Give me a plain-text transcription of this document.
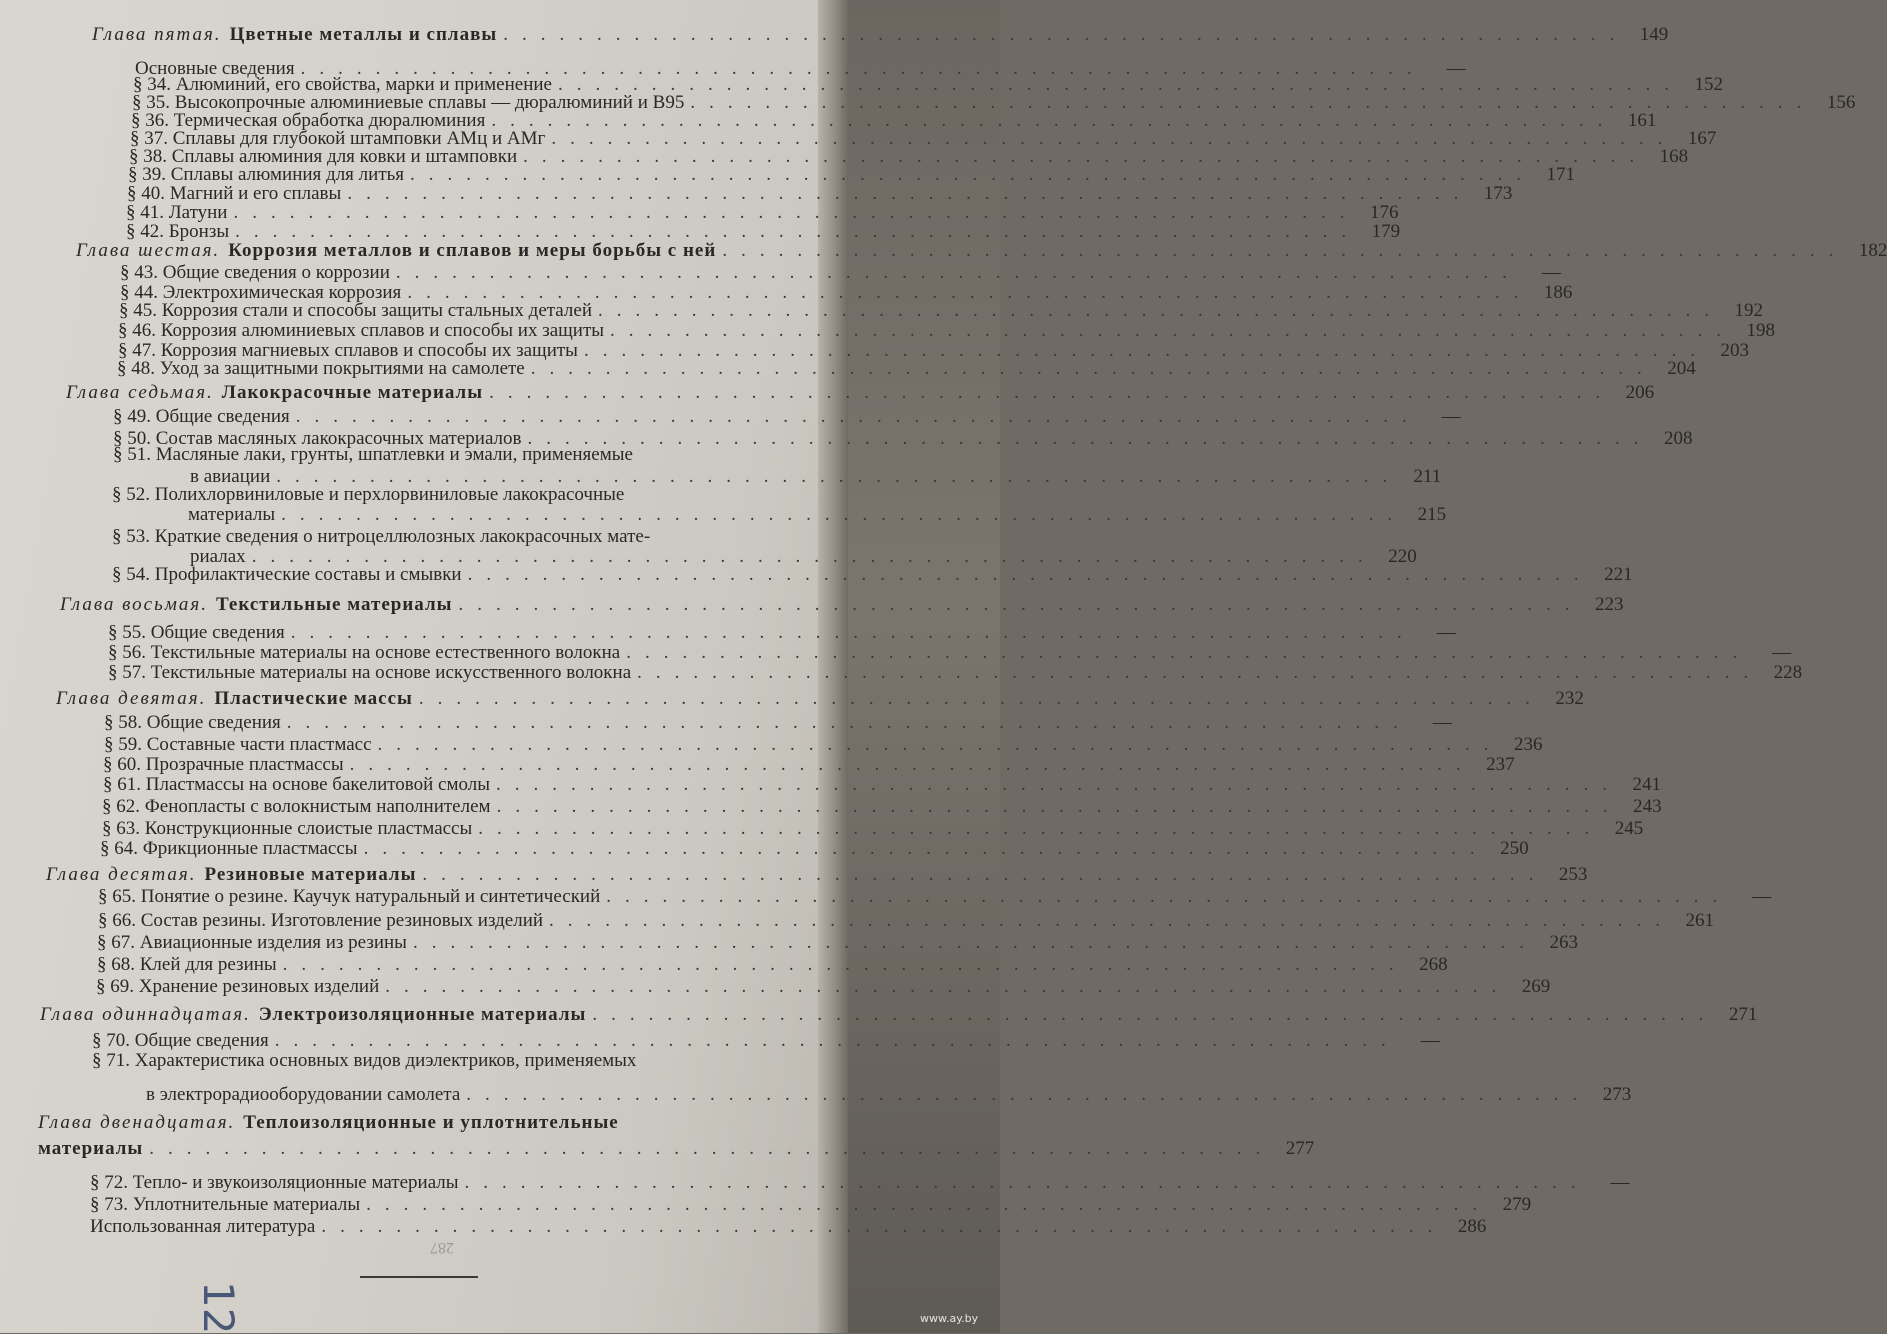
Глава пятая. Цветные металлы и сплавы ............................................................ 149
Основные сведения ............................................................	—
§ 34. Алюминий, его свойства, марки и применение ............................................................ 152
§ 35. Высокопрочные алюминиевые сплавы — дюралюминий и В95 ............................................................ 156
§ 36. Термическая обработка дюралюминия ............................................................ 161
§ 37. Сплавы для глубокой штамповки АМц и АМг ............................................................ 167
§ 38. Сплавы алюминия для ковки и штамповки ............................................................ 168
§ 39. Сплавы алюминия для литья ............................................................ 171
§ 40. Магний и его сплавы ............................................................ 173
§ 41. Латуни ............................................................ 176
§ 42. Бронзы ............................................................ 179
Глава шестая. Коррозия металлов и сплавов и меры борьбы с ней ............................................................ 182
§ 43. Общие сведения о коррозии ............................................................	—
§ 44. Электрохимическая коррозия ............................................................ 186
§ 45. Коррозия стали и способы защиты стальных деталей ............................................................ 192
§ 46. Коррозия алюминиевых сплавов и способы их защиты ............................................................ 198
§ 47. Коррозия магниевых сплавов и способы их защиты ............................................................ 203
§ 48. Уход за защитными покрытиями на самолете ............................................................ 204
Глава седьмая. Лакокрасочные материалы ............................................................ 206
§ 49. Общие сведения ............................................................	—
§ 50. Состав масляных лакокрасочных материалов ............................................................ 208
§ 51. Масляные лаки, грунты, шпатлевки и эмали, применяемые
в авиации ............................................................ 211
§ 52. Полихлорвиниловые и перхлорвиниловые лакокрасочные
материалы ............................................................ 215
§ 53. Краткие сведения о нитроцеллюлозных лакокрасочных мате-
риалах ............................................................ 220
§ 54. Профилактические составы и смывки ............................................................ 221
Глава восьмая. Текстильные материалы ............................................................ 223
§ 55. Общие сведения ............................................................	—
§ 56. Текстильные материалы на основе естественного волокна ............................................................	—
§ 57. Текстильные материалы на основе искусственного волокна ............................................................ 228
Глава девятая. Пластические массы ............................................................ 232
§ 58. Общие сведения ............................................................	—
§ 59. Составные части пластмасс ............................................................ 236
§ 60. Прозрачные пластмассы ............................................................ 237
§ 61. Пластмассы на основе бакелитовой смолы ............................................................ 241
§ 62. Фенопласты с волокнистым наполнителем ............................................................ 243
§ 63. Конструкционные слоистые пластмассы ............................................................ 245
§ 64. Фрикционные пластмассы ............................................................ 250
Глава десятая. Резиновые материалы ............................................................ 253
§ 65. Понятие о резине. Каучук натуральный и синтетический ............................................................	—
§ 66. Состав резины. Изготовление резиновых изделий ............................................................ 261
§ 67. Авиационные изделия из резины ............................................................ 263
§ 68. Клей для резины ............................................................ 268
§ 69. Хранение резиновых изделий ............................................................ 269
Глава одиннадцатая. Электроизоляционные материалы ............................................................ 271
§ 70. Общие сведения ............................................................	—
§ 71. Характеристика основных видов диэлектриков, применяемых
в электрорадиооборудовании самолета ............................................................ 273
Глава двенадцатая. Теплоизоляционные и уплотнительные
материалы ............................................................ 277
§ 72. Тепло- и звукоизоляционные материалы ............................................................	—
§ 73. Уплотнительные материалы ............................................................ 279
Использованная литература ............................................................ 286
287
12	www.ay.by
